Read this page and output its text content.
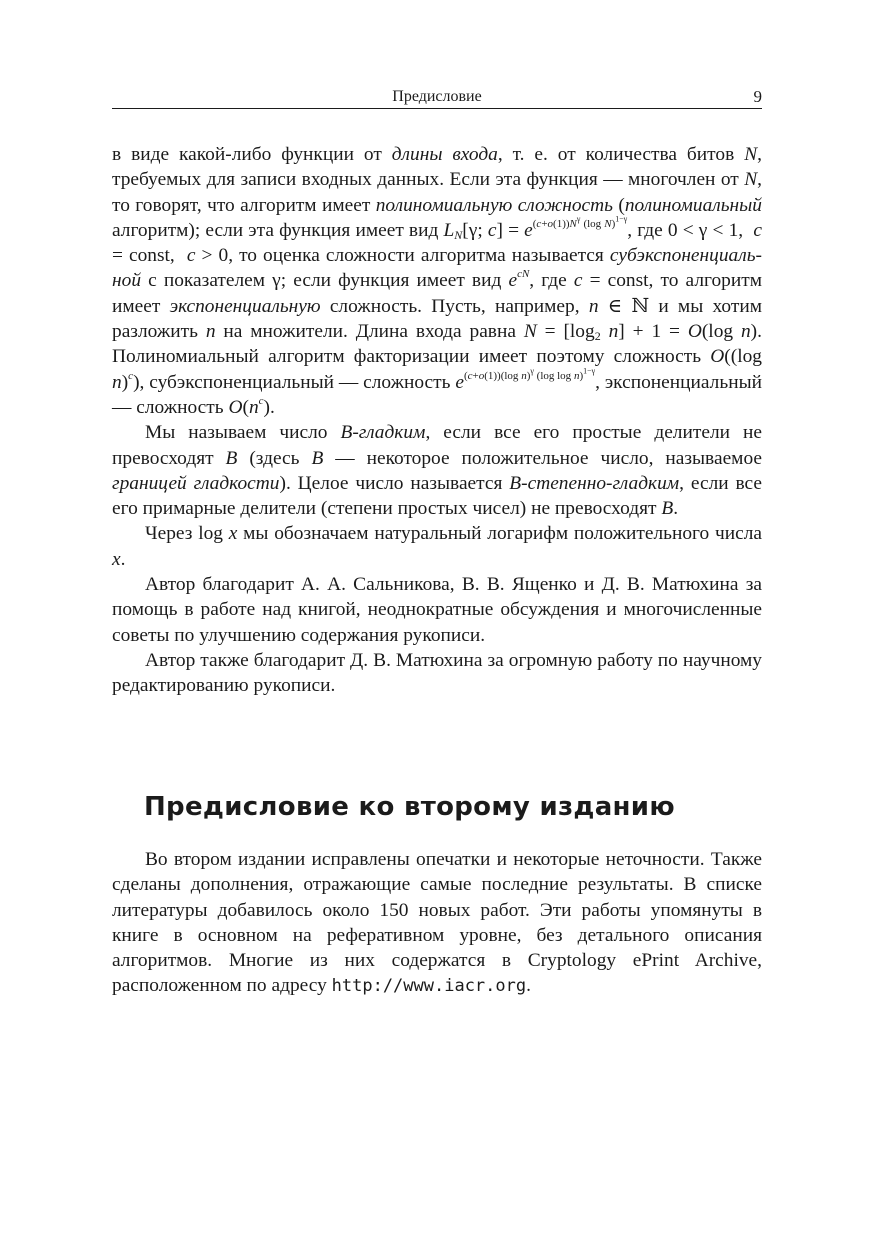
Предисловие	9

в виде какой-либо функции от длины входа, т. е. от количества битов N, требуемых для записи входных данных. Если эта функция — многочлен от N, то говорят, что алгоритм имеет полиномиальную сложность (полиномиальный алгоритм); если эта функция имеет вид $L_N[\gamma$; $c] = e^{(c+o(1))N^\gamma (log N)^{1-\gamma}}$, где 0 < γ < 1,  c = const,  c > 0, то оценка сложности алгоритма называется субэкспоненциальной с показателем γ; если функция имеет вид $e^{cN}$, где c = const, то алгоритм имеет экспоненциальную сложность. Пусть, например, n ∈ ℕ и мы хотим разложить n на множители. Длина входа равна $N = [\log_2$ n] + 1 = O(log n). Полиномиальный алгоритм факторизации имеет поэтому сложность O((log n)$^c$), субэкспоненциальный — сложность $e^{(c+o(1))(log n)^\gamma (log log n)^{1-\gamma}}$, экспоненциальный — сложность $O(n^c)$.

Мы называем число B-гладким, если все его простые делители не превосходят B (здесь B — некоторое положительное число, называемое границей гладкости). Целое число называется B-степенно-гладким, если все его примарные делители (степени простых чисел) не превосходят B.

Через log x мы обозначаем натуральный логарифм положительного числа x.

Автор благодарит А. А. Сальникова, В. В. Ященко и Д. В. Матюхина за помощь в работе над книгой, неоднократные обсуждения и многочисленные советы по улучшению содержания рукописи.

Автор также благодарит Д. В. Матюхина за огромную работу по научному редактированию рукописи.

Предисловие ко второму изданию

Во втором издании исправлены опечатки и некоторые неточности. Также сделаны дополнения, отражающие самые последние результаты. В списке литературы добавилось около 150 новых работ. Эти работы упомянуты в книге в основном на реферативном уровне, без детального описания алгоритмов. Многие из них содержатся в Cryptology ePrint Archive, расположенном по адресу http://www.iacr.org.
